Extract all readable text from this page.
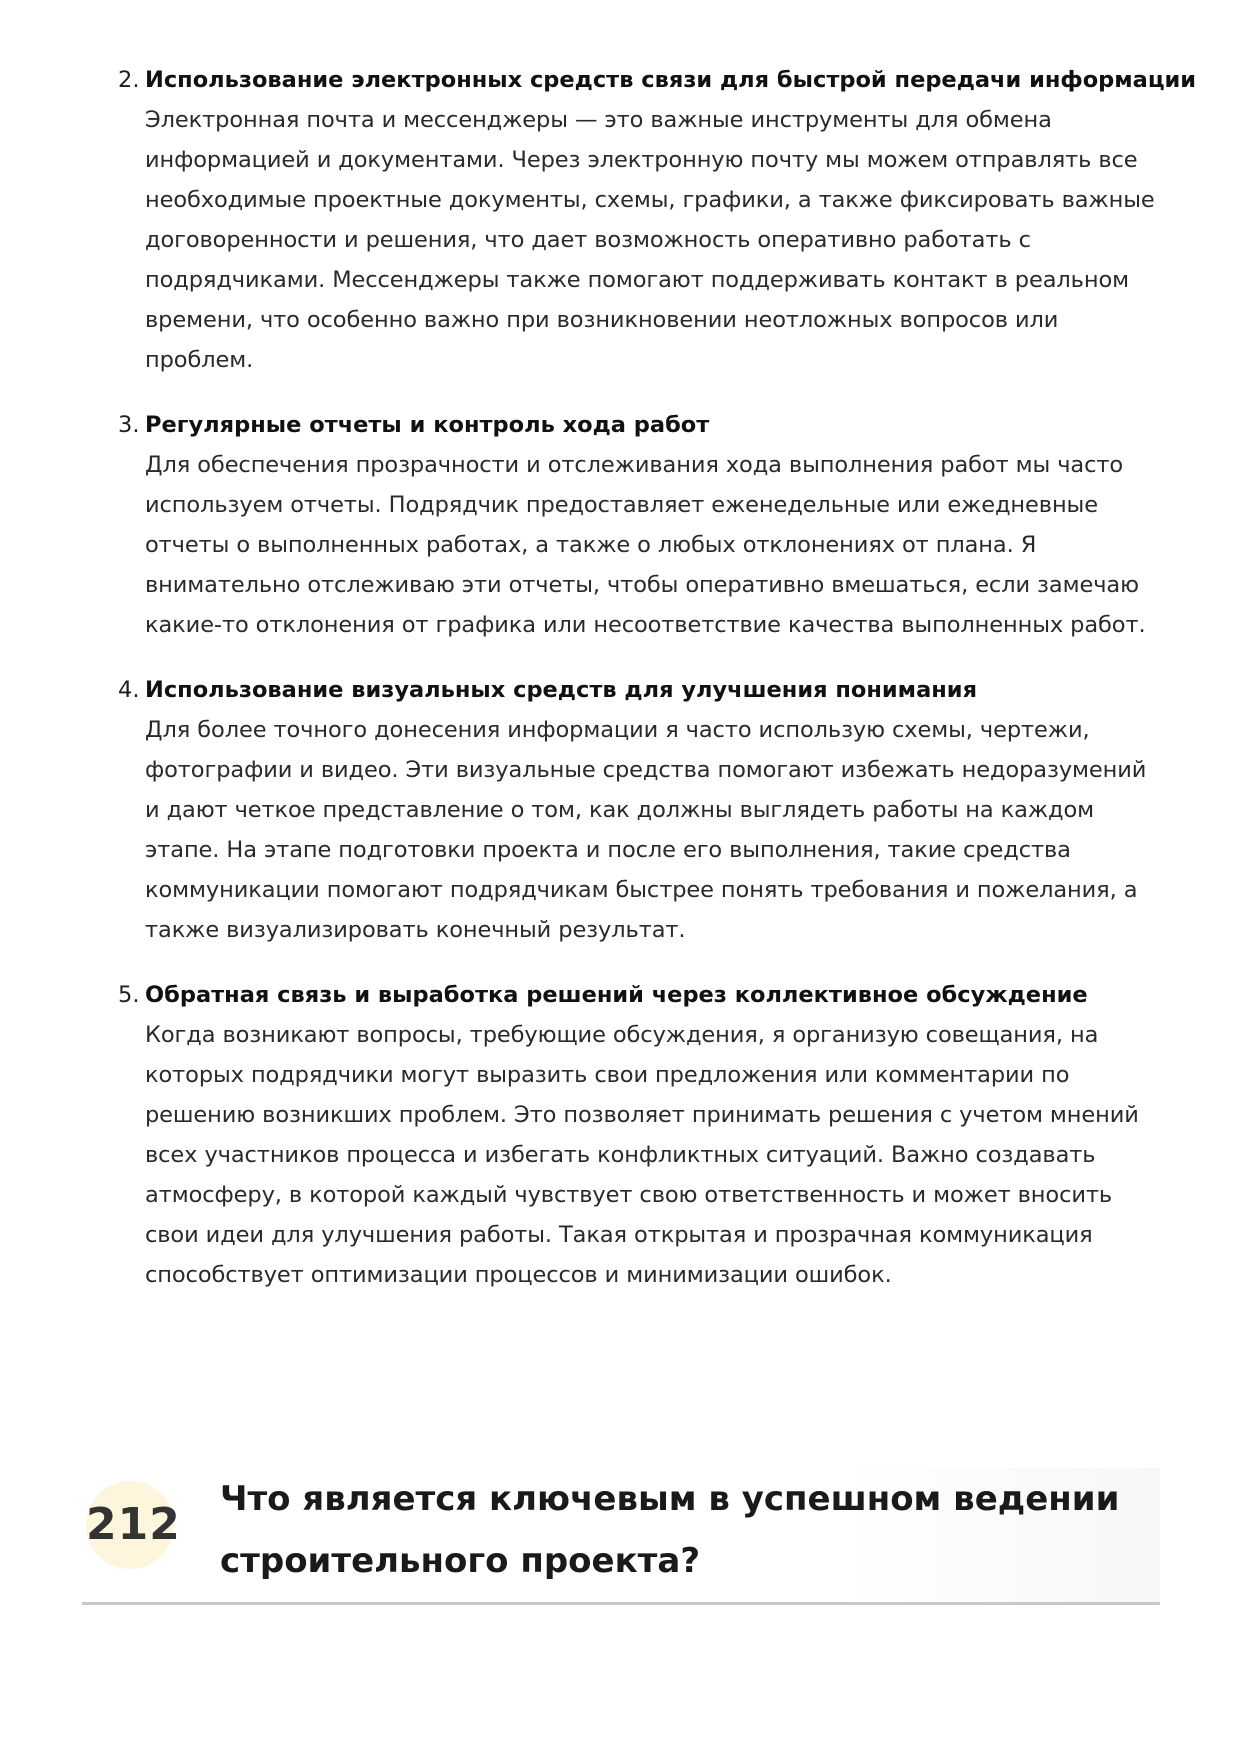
2. Использование электронных средств связи для быстрой передачи информации
Электронная почта и мессенджеры — это важные инструменты для обмена информацией и документами. Через электронную почту мы можем отправлять все необходимые проектные документы, схемы, графики, а также фиксировать важные договоренности и решения, что дает возможность оперативно работать с подрядчиками. Мессенджеры также помогают поддерживать контакт в реальном времени, что особенно важно при возникновении неотложных вопросов или проблем.
3. Регулярные отчеты и контроль хода работ
Для обеспечения прозрачности и отслеживания хода выполнения работ мы часто используем отчеты. Подрядчик предоставляет еженедельные или ежедневные отчеты о выполненных работах, а также о любых отклонениях от плана. Я внимательно отслеживаю эти отчеты, чтобы оперативно вмешаться, если замечаю какие-то отклонения от графика или несоответствие качества выполненных работ.
4. Использование визуальных средств для улучшения понимания
Для более точного донесения информации я часто использую схемы, чертежи, фотографии и видео. Эти визуальные средства помогают избежать недоразумений и дают четкое представление о том, как должны выглядеть работы на каждом этапе. На этапе подготовки проекта и после его выполнения, такие средства коммуникации помогают подрядчикам быстрее понять требования и пожелания, а также визуализировать конечный результат.
5. Обратная связь и выработка решений через коллективное обсуждение
Когда возникают вопросы, требующие обсуждения, я организую совещания, на которых подрядчики могут выразить свои предложения или комментарии по решению возникших проблем. Это позволяет принимать решения с учетом мнений всех участников процесса и избегать конфликтных ситуаций. Важно создавать атмосферу, в которой каждый чувствует свою ответственность и может вносить свои идеи для улучшения работы. Такая открытая и прозрачная коммуникация способствует оптимизации процессов и минимизации ошибок.
212 Что является ключевым в успешном ведении строительного проекта?
